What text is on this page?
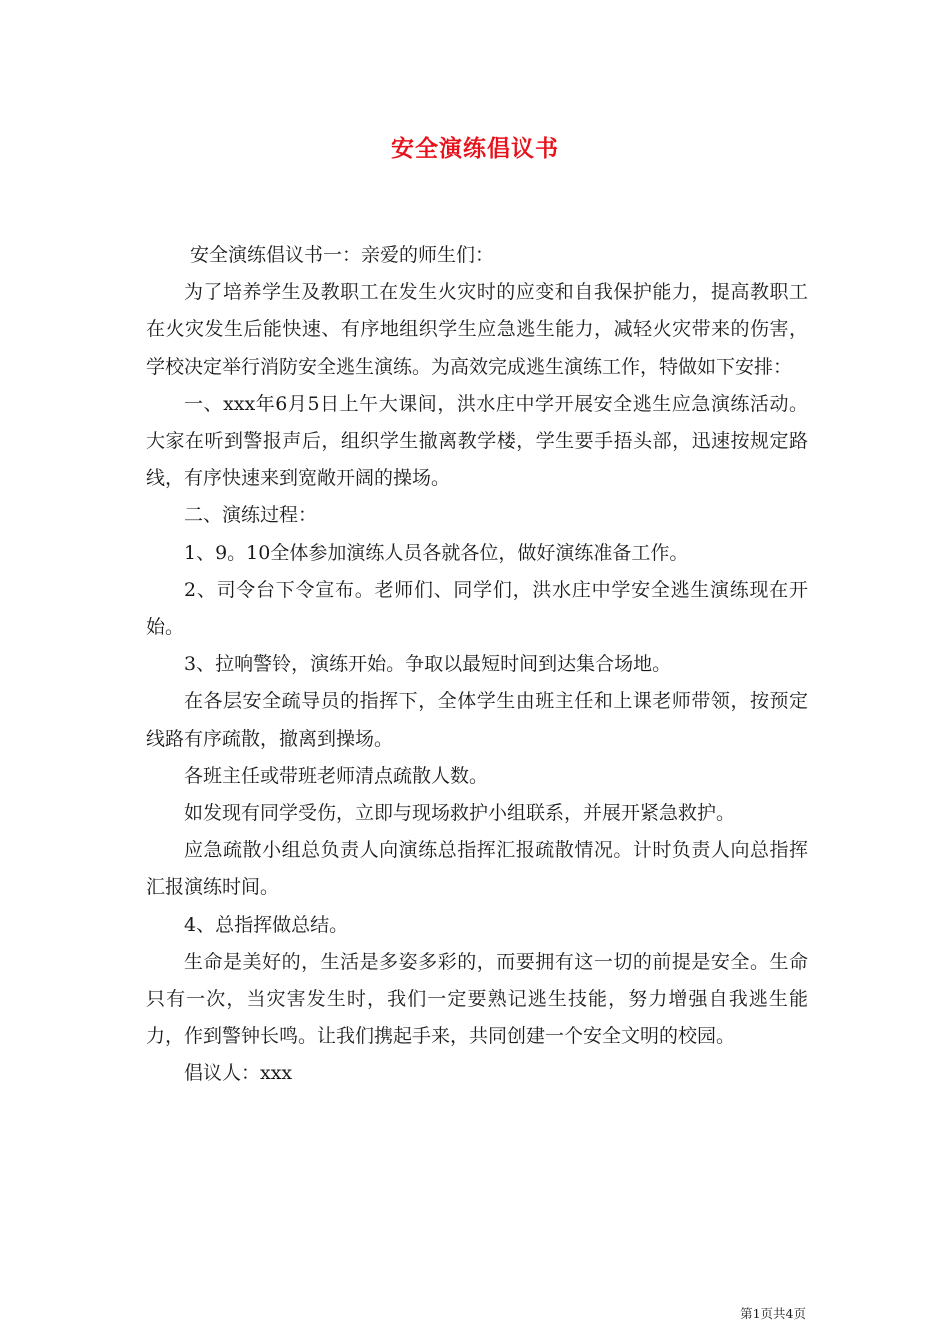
安全演练倡议书

安全演练倡议书一：亲爱的师生们：

为了培养学生及教职工在发生火灾时的应变和自我保护能力，提高教职工在火灾发生后能快速、有序地组织学生应急逃生能力，减轻火灾带来的伤害，学校决定举行消防安全逃生演练。为高效完成逃生演练工作，特做如下安排：

一、xxx年6月5日上午大课间，洪水庄中学开展安全逃生应急演练活动。大家在听到警报声后，组织学生撤离教学楼，学生要手捂头部，迅速按规定路线，有序快速来到宽敞开阔的操场。

二、演练过程：

1、9。10全体参加演练人员各就各位，做好演练准备工作。

2、司令台下令宣布。老师们、同学们，洪水庄中学安全逃生演练现在开始。

3、拉响警铃，演练开始。争取以最短时间到达集合场地。

在各层安全疏导员的指挥下，全体学生由班主任和上课老师带领，按预定线路有序疏散，撤离到操场。

各班主任或带班老师清点疏散人数。

如发现有同学受伤，立即与现场救护小组联系，并展开紧急救护。

应急疏散小组总负责人向演练总指挥汇报疏散情况。计时负责人向总指挥汇报演练时间。

4、总指挥做总结。

生命是美好的，生活是多姿多彩的，而要拥有这一切的前提是安全。生命只有一次，当灾害发生时，我们一定要熟记逃生技能，努力增强自我逃生能力，作到警钟长鸣。让我们携起手来，共同创建一个安全文明的校园。

倡议人：xxx

第1页共4页
